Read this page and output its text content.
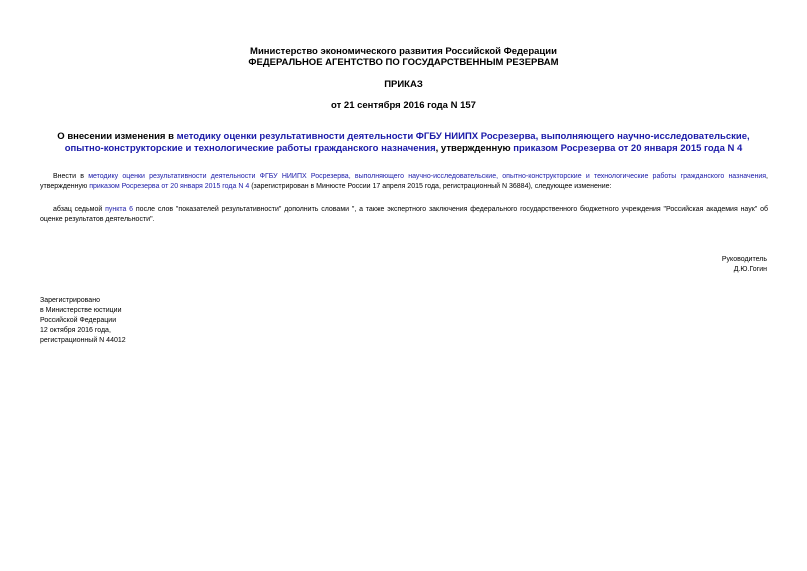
Министерство экономического развития Российской Федерации
ФЕДЕРАЛЬНОЕ АГЕНТСТВО ПО ГОСУДАРСТВЕННЫМ РЕЗЕРВАМ
ПРИКАЗ
от 21 сентября 2016 года N 157
О внесении изменения в методику оценки результативности деятельности ФГБУ НИИПХ Росрезерва, выполняющего научно-исследовательские, опытно-конструкторские и технологические работы гражданского назначения, утвержденную приказом Росрезерва от 20 января 2015 года N 4
Внести в методику оценки результативности деятельности ФГБУ НИИПХ Росрезерва, выполняющего научно-исследовательские, опытно-конструкторские и технологические работы гражданского назначения, утвержденную приказом Росрезерва от 20 января 2015 года N 4 (зарегистрирован в Минюсте России 17 апреля 2015 года, регистрационный N 36884), следующее изменение:
абзац седьмой пункта 6 после слов "показателей результативности" дополнить словами ", а также экспертного заключения федерального государственного бюджетного учреждения "Российская академия наук" об оценке результатов деятельности".
Руководитель
Д.Ю.Гогин
Зарегистрировано
в Министерстве юстиции
Российской Федерации
12 октября 2016 года,
регистрационный N 44012
